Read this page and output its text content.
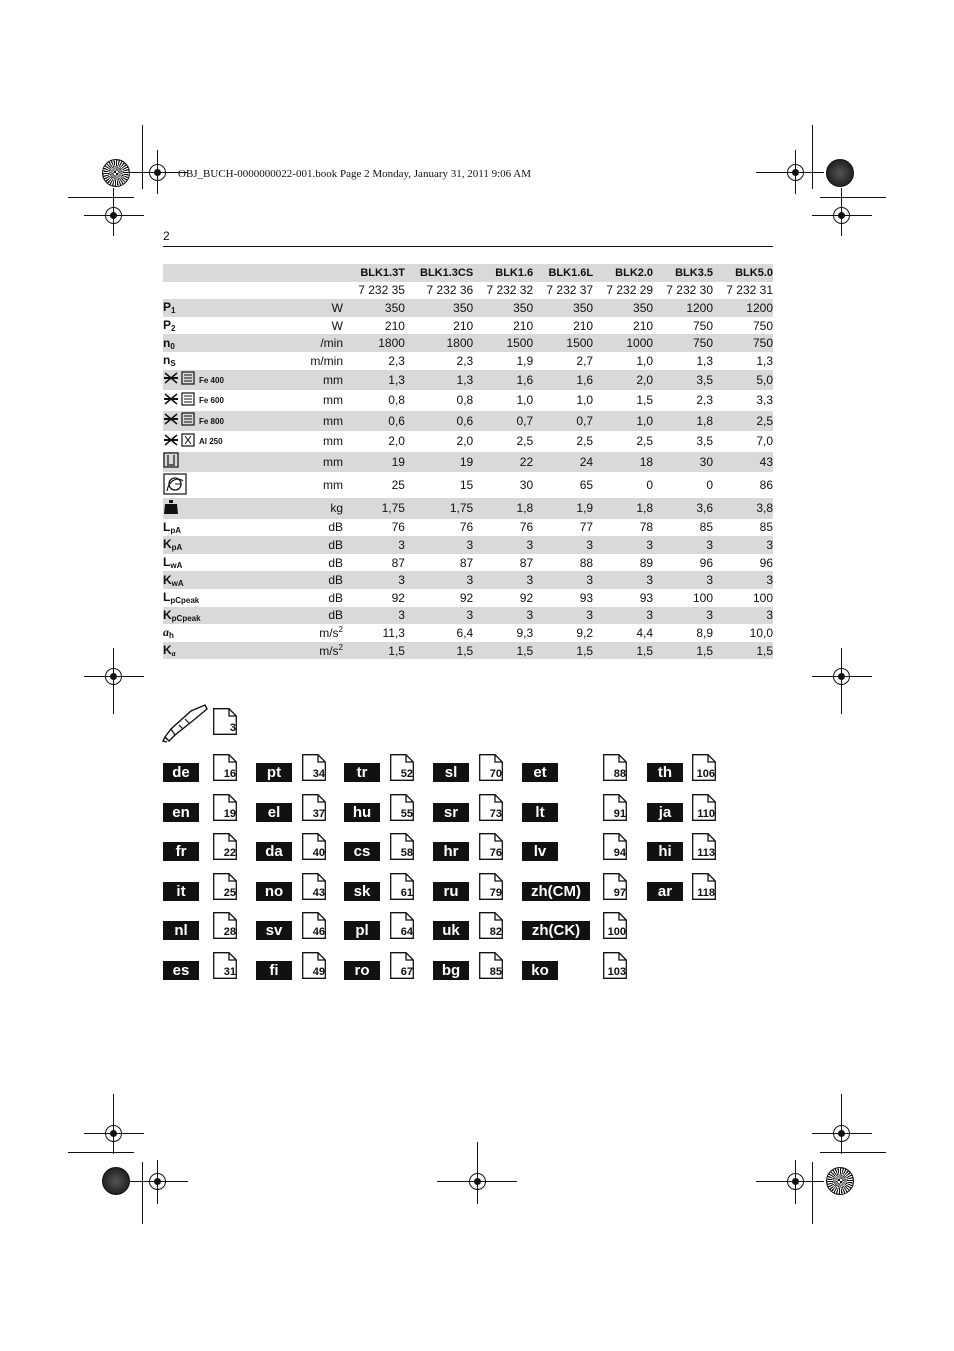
OBJ_BUCH-0000000022-001.book Page 2 Monday, January 31, 2011 9:06 AM
2
		BLK1.3T	BLK1.3CS	BLK1.6	BLK1.6L	BLK2.0	BLK3.5	BLK5.0
		7 232 35	7 232 36	7 232 32	7 232 37	7 232 29	7 232 30	7 232 31
$P_1$	W	350	350	350	350	350	1200	1200
$P_2$	W	210	210	210	210	210	750	750
$n_0$	/min	1800	1800	1500	1500	1000	750	750
$n_S$	m/min	2,3	2,3	1,9	2,7	1,0	1,3	1,3
Fe 400	mm	1,3	1,3	1,6	1,6	2,0	3,5	5,0
Fe 600	mm	0,8	0,8	1,0	1,0	1,5	2,3	3,3
Fe 800	mm	0,6	0,6	0,7	0,7	1,0	1,8	2,5
Al 250	mm	2,0	2,0	2,5	2,5	2,5	3,5	7,0
	mm	19	19	22	24	18	30	43
	mm	25	15	30	65	0	0	86
	kg	1,75	1,75	1,8	1,9	1,8	3,6	3,8
$L_{pA}$	dB	76	76	76	77	78	85	85
$K_{pA}$	dB	3	3	3	3	3	3	3
$L_{wA}$	dB	87	87	87	88	89	96	96
$K_{wA}$	dB	3	3	3	3	3	3	3
$L_{pCpeak}$	dB	92	92	92	93	93	100	100
$K_{pCpeak}$	dB	3	3	3	3	3	3	3
$a_h$	$m/s^2$	11,3	6,4	9,3	9,2	4,4	8,9	10,0
$K_a$	$m/s^2$	1,5	1,5	1,5	1,5	1,5	1,5	1,5
3
de	16
en	19
fr	22
it	25
nl	28
es	31
pt	34
el	37
da	40
no	43
sv	46
fi	49
tr	52
hu	55
cs	58
sk	61
pl	64
ro	67
sl	70
sr	73
hr	76
ru	79
uk	82
bg	85
et	88
lt	91
lv	94
zh(CM)	97
zh(CK)	100
ko	103
th	106
ja	110
hi	113
ar	118
